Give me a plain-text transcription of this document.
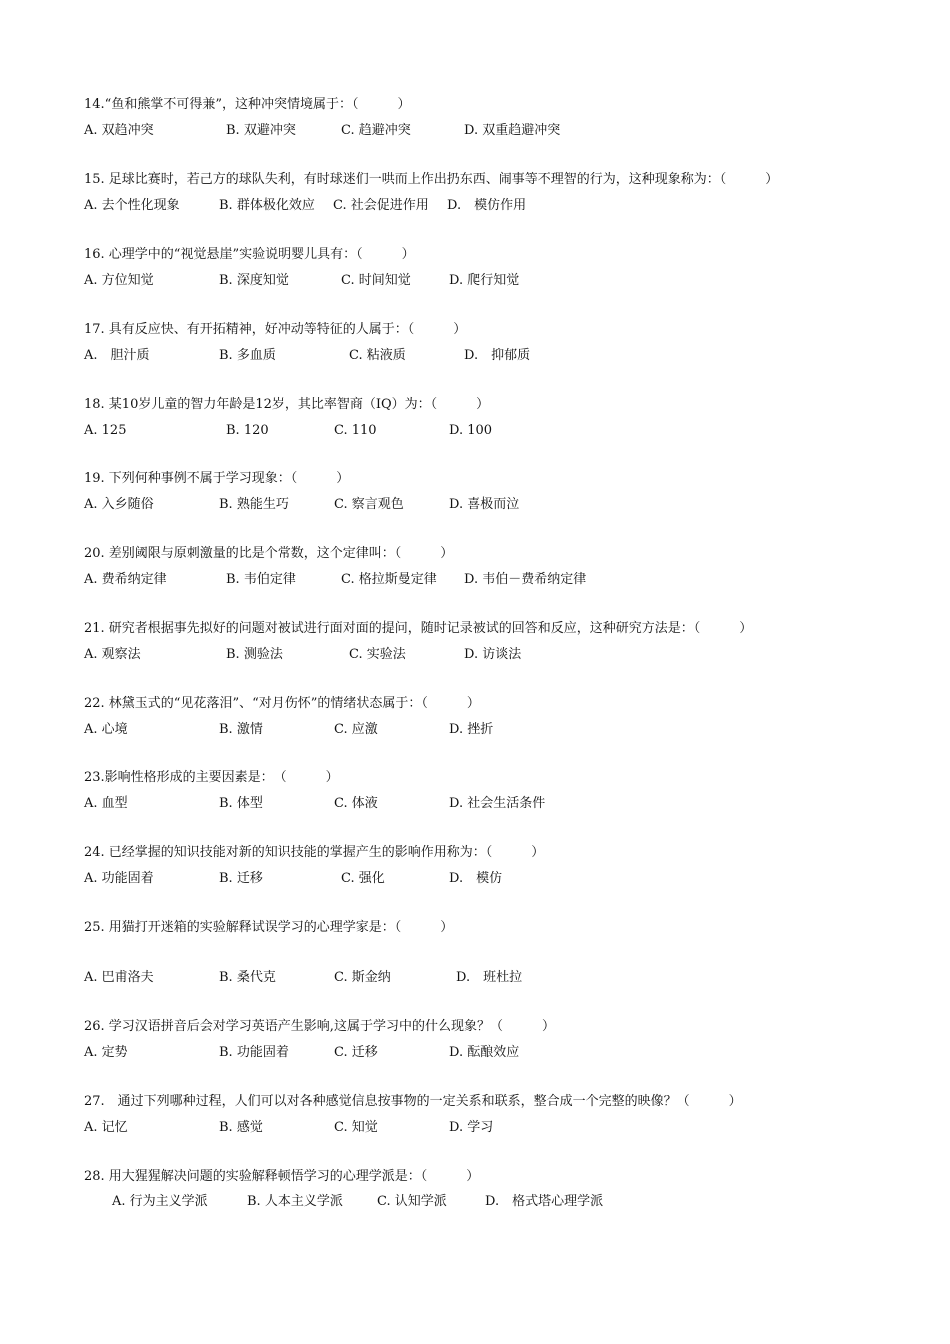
14.“鱼和熊掌不可得兼”，这种冲突情境属于：（　　　）
A. 双趋冲突	B. 双避冲突	C. 趋避冲突	D. 双重趋避冲突
15. 足球比赛时，若己方的球队失利，有时球迷们一哄而上作出扔东西、闹事等不理智的行为，这种现象称为：（　　　）
A. 去个性化现象	B. 群体极化效应 C. 社会促进作用 D.　模仿作用
16. 心理学中的“视觉悬崖”实验说明婴儿具有：（　　　）
A. 方位知觉	B. 深度知觉	C. 时间知觉	D. 爬行知觉
17. 具有反应快、有开拓精神，好冲动等特征的人属于：（　　　）
A.　胆汁质	B. 多血质	C. 粘液质	D.　抑郁质
18. 某10岁儿童的智力年龄是12岁，其比率智商（IQ）为：（　　　）
A. 125	B. 120	C. 110	D. 100
19. 下列何种事例不属于学习现象：（　　　）
A. 入乡随俗	B. 熟能生巧	C. 察言观色	D. 喜极而泣
20. 差别阈限与原刺激量的比是个常数，这个定律叫：（　　　）
A. 费希纳定律	B. 韦伯定律	C. 格拉斯曼定律 D. 韦伯－费希纳定律
21. 研究者根据事先拟好的问题对被试进行面对面的提问，随时记录被试的回答和反应，这种研究方法是：（　　　）
A. 观察法	B. 测验法	C. 实验法	D. 访谈法
22. 林黛玉式的“见花落泪”、“对月伤怀”的情绪状态属于：（　　　）
A. 心境	B. 激情	C. 应激	D. 挫折
23.影响性格形成的主要因素是：　（　　　）
A. 血型	B. 体型	C. 体液	D. 社会生活条件
24. 已经掌握的知识技能对新的知识技能的掌握产生的影响作用称为：（　　　）
A. 功能固着	B. 迁移	C. 强化	D.　模仿
25. 用猫打开迷箱的实验解释试误学习的心理学家是：（　　　）
A. 巴甫洛夫	B. 桑代克	C. 斯金纳	D.　班杜拉
26. 学习汉语拼音后会对学习英语产生影响,这属于学习中的什么现象？（　　　）
A. 定势	B. 功能固着	C. 迁移	D. 酝酿效应
27.　通过下列哪种过程，人们可以对各种感觉信息按事物的一定关系和联系，整合成一个完整的映像？（　　　）
A. 记忆	B. 感觉	C. 知觉	D. 学习
28. 用大猩猩解决问题的实验解释顿悟学习的心理学派是：（　　　）
A. 行为主义学派	B. 人本主义学派	C. 认知学派	D.　格式塔心理学派
